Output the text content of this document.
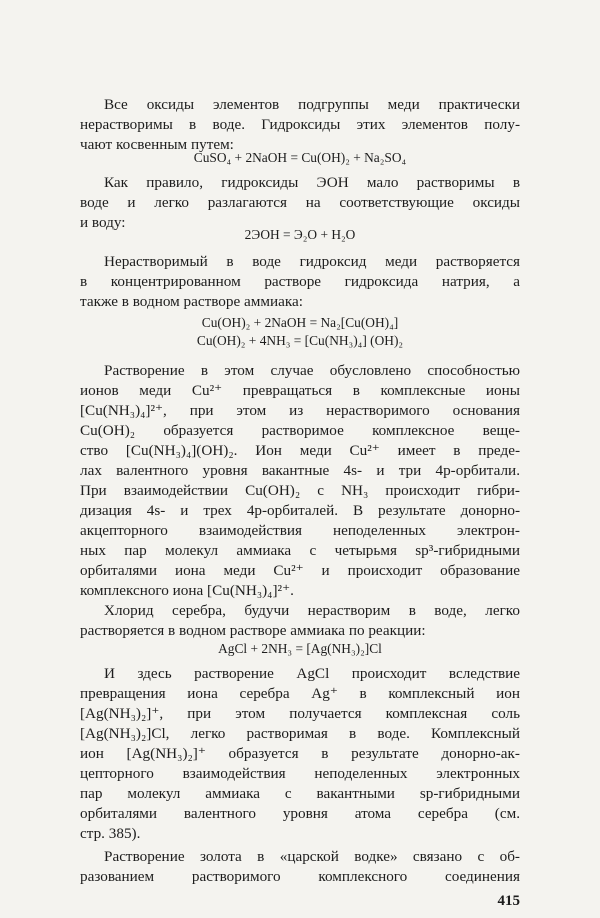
Все оксиды элементов подгруппы меди практически
нерастворимы в воде. Гидроксиды этих элементов полу-
чают косвенным путем:
CuSO₄ + 2NaOH = Cu(OH)₂ + Na₂SO₄
Как правило, гидроксиды ЭОН мало растворимы в
воде и легко разлагаются на соответствующие оксиды
и воду:
2ЭОН = Э₂О + Н₂О
Нерастворимый в воде гидроксид меди растворяется
в концентрированном растворе гидроксида натрия, а
также в водном растворе аммиака:
Cu(OH)₂ + 2NaOH = Na₂[Cu(OH)₄]
Cu(OH)₂ + 4NH₃ = [Cu(NH₃)₄] (OH)₂
Растворение в этом случае обусловлено способностью
ионов меди Cu²⁺ превращаться в комплексные ионы
[Cu(NH₃)₄]²⁺, при этом из нерастворимого основания
Cu(OH)₂ образуется растворимое комплексное веще-
ство [Cu(NH₃)₄](OH)₂. Ион меди Cu²⁺ имеет в преде-
лах валентного уровня вакантные 4s- и три 4p-орбитали.
При взаимодействии Cu(OH)₂ с NH₃ происходит гибри-
дизация 4s- и трех 4p-орбиталей. В результате донорно-
акцепторного взаимодействия неподеленных электрон-
ных пар молекул аммиака с четырьмя sp³-гибридными
орбиталями иона меди Cu²⁺ и происходит образование
комплексного иона [Cu(NH₃)₄]²⁺.
Хлорид серебра, будучи нерастворим в воде, легко
растворяется в водном растворе аммиака по реакции:
AgCl + 2NH₃ = [Ag(NH₃)₂]Cl
И здесь растворение AgCl происходит вследствие
превращения иона серебра Ag⁺ в комплексный ион
[Ag(NH₃)₂]⁺, при этом получается комплексная соль
[Ag(NH₃)₂]Cl, легко растворимая в воде. Комплексный
ион [Ag(NH₃)₂]⁺ образуется в результате донорно-ак-
цепторного взаимодействия неподеленных электронных
пар молекул аммиака с вакантными sp-гибридными
орбиталями валентного уровня атома серебра (см.
стр. 385).
Растворение золота в «царской водке» связано с об-
разованием растворимого комплексного соединения
415
